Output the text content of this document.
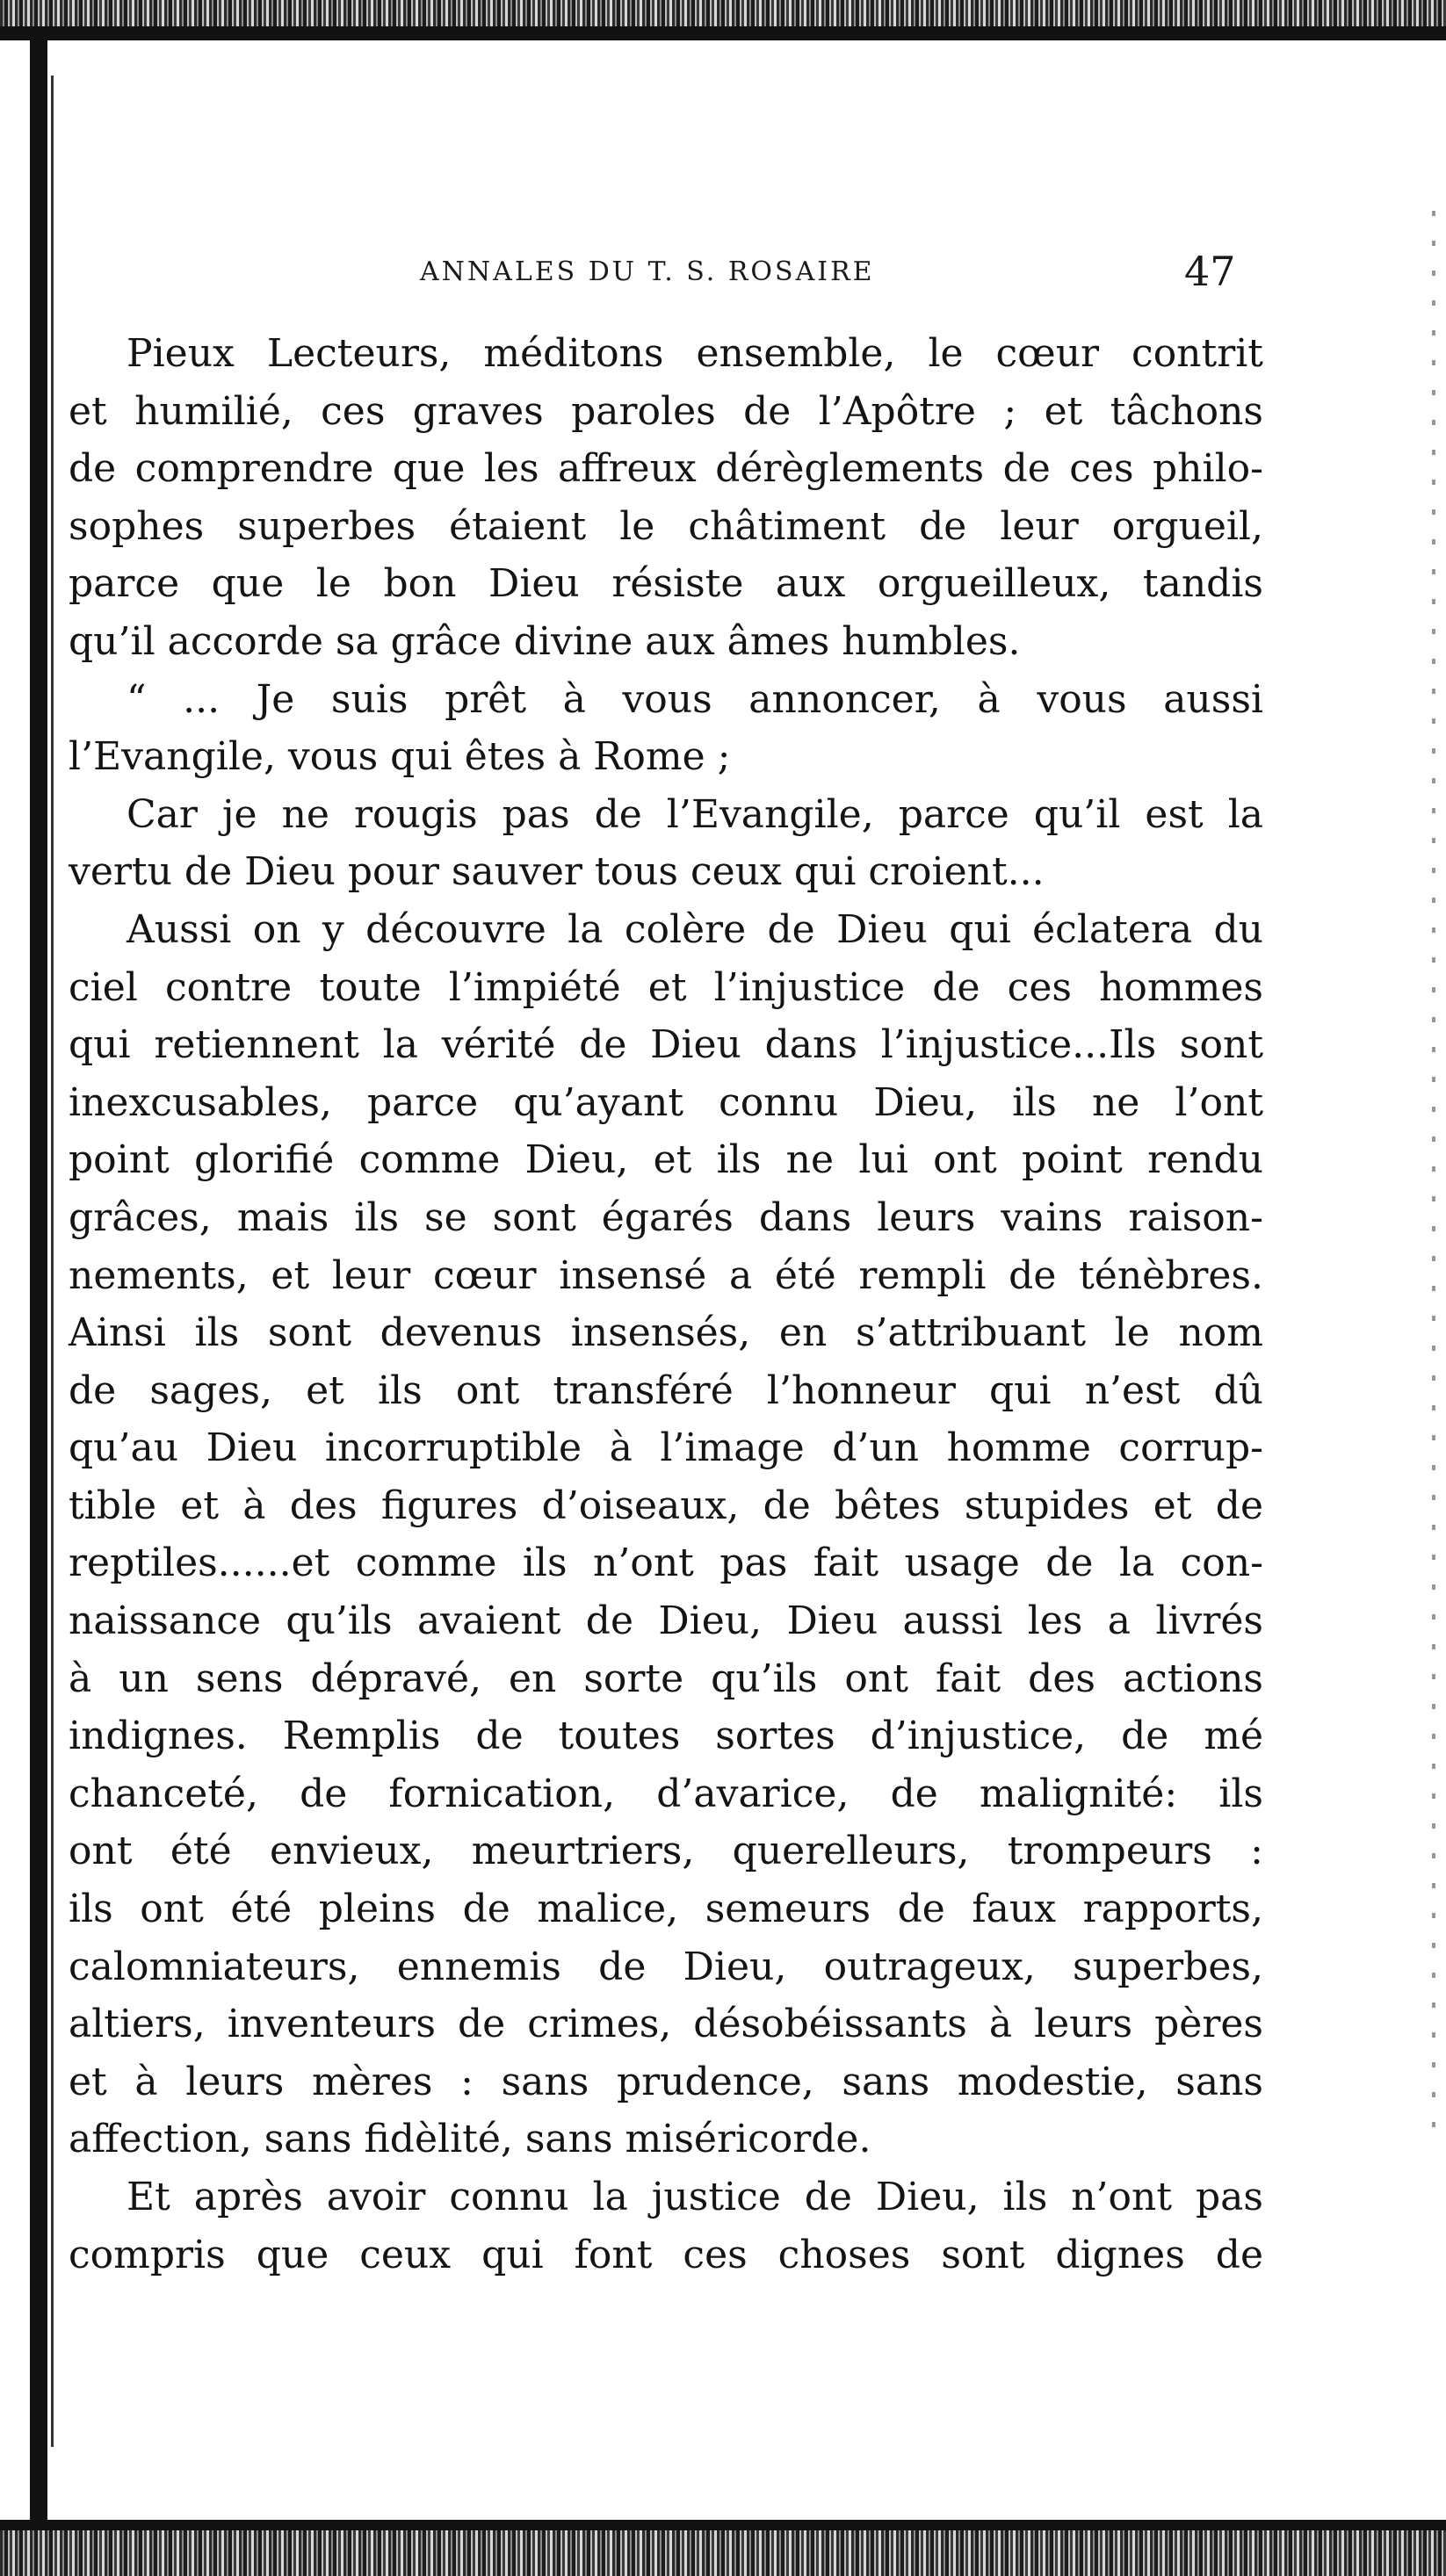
ANNALES DU T. S. ROSAIRE	47
Pieux Lecteurs, méditons ensemble, le cœur contrit
et humilié, ces graves paroles de l’Apôtre ; et tâchons
de comprendre que les affreux dérèglements de ces philo-
sophes superbes étaient le châtiment de leur orgueil,
parce que le bon Dieu résiste aux orgueilleux, tandis
qu’il accorde sa grâce divine aux âmes humbles.
“ ... Je suis prêt à vous annoncer, à vous aussi
l’Evangile, vous qui êtes à Rome ;
Car je ne rougis pas de l’Evangile, parce qu’il est la
vertu de Dieu pour sauver tous ceux qui croient...
Aussi on y découvre la colère de Dieu qui éclatera du
ciel contre toute l’impiété et l’injustice de ces hommes
qui retiennent la vérité de Dieu dans l’injustice...Ils sont
inexcusables, parce qu’ayant connu Dieu, ils ne l’ont
point glorifié comme Dieu, et ils ne lui ont point rendu
grâces, mais ils se sont égarés dans leurs vains raison-
nements, et leur cœur insensé a été rempli de ténèbres.
Ainsi ils sont devenus insensés, en s’attribuant le nom
de sages, et ils ont transféré l’honneur qui n’est dû
qu’au Dieu incorruptible à l’image d’un homme corrup-
tible et à des figures d’oiseaux, de bêtes stupides et de
reptiles......et comme ils n’ont pas fait usage de la con-
naissance qu’ils avaient de Dieu, Dieu aussi les a livrés
à un sens dépravé, en sorte qu’ils ont fait des actions
indignes. Remplis de toutes sortes d’injustice, de mé
chanceté, de fornication, d’avarice, de malignité: ils
ont été envieux, meurtriers, querelleurs, trompeurs :
ils ont été pleins de malice, semeurs de faux rapports,
calomniateurs, ennemis de Dieu, outrageux, superbes,
altiers, inventeurs de crimes, désobéissants à leurs pères
et à leurs mères : sans prudence, sans modestie, sans
affection, sans fidèlité, sans miséricorde.
Et après avoir connu la justice de Dieu, ils n’ont pas
compris que ceux qui font ces choses sont dignes de
